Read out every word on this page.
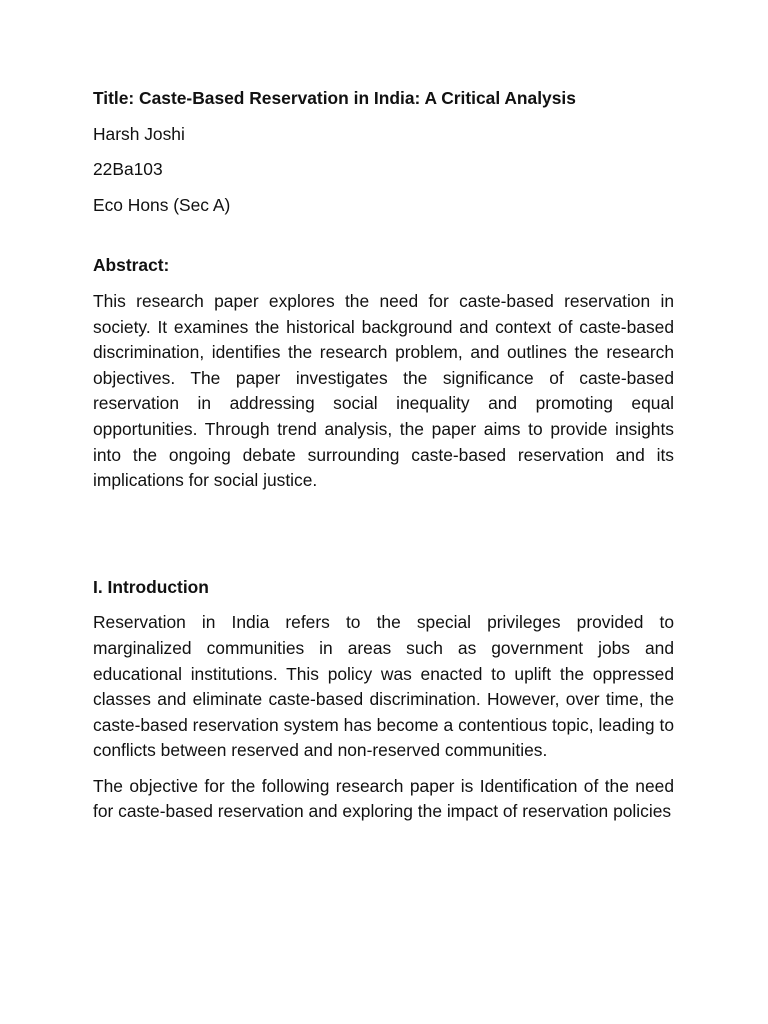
Title: Caste-Based Reservation in India: A Critical Analysis

Harsh Joshi

22Ba103

Eco Hons (Sec A)

Abstract:

This research paper explores the need for caste-based reservation in society. It examines the historical background and context of caste-based discrimination, identifies the research problem, and outlines the research objectives. The paper investigates the significance of caste-based reservation in addressing social inequality and promoting equal opportunities. Through trend analysis, the paper aims to provide insights into the ongoing debate surrounding caste-based reservation and its implications for social justice.

I. Introduction

Reservation in India refers to the special privileges provided to marginalized communities in areas such as government jobs and educational institutions. This policy was enacted to uplift the oppressed classes and eliminate caste-based discrimination. However, over time, the caste-based reservation system has become a contentious topic, leading to conflicts between reserved and non-reserved communities.

The objective for the following research paper is Identification of the need for caste-based reservation and exploring the impact of reservation policies
